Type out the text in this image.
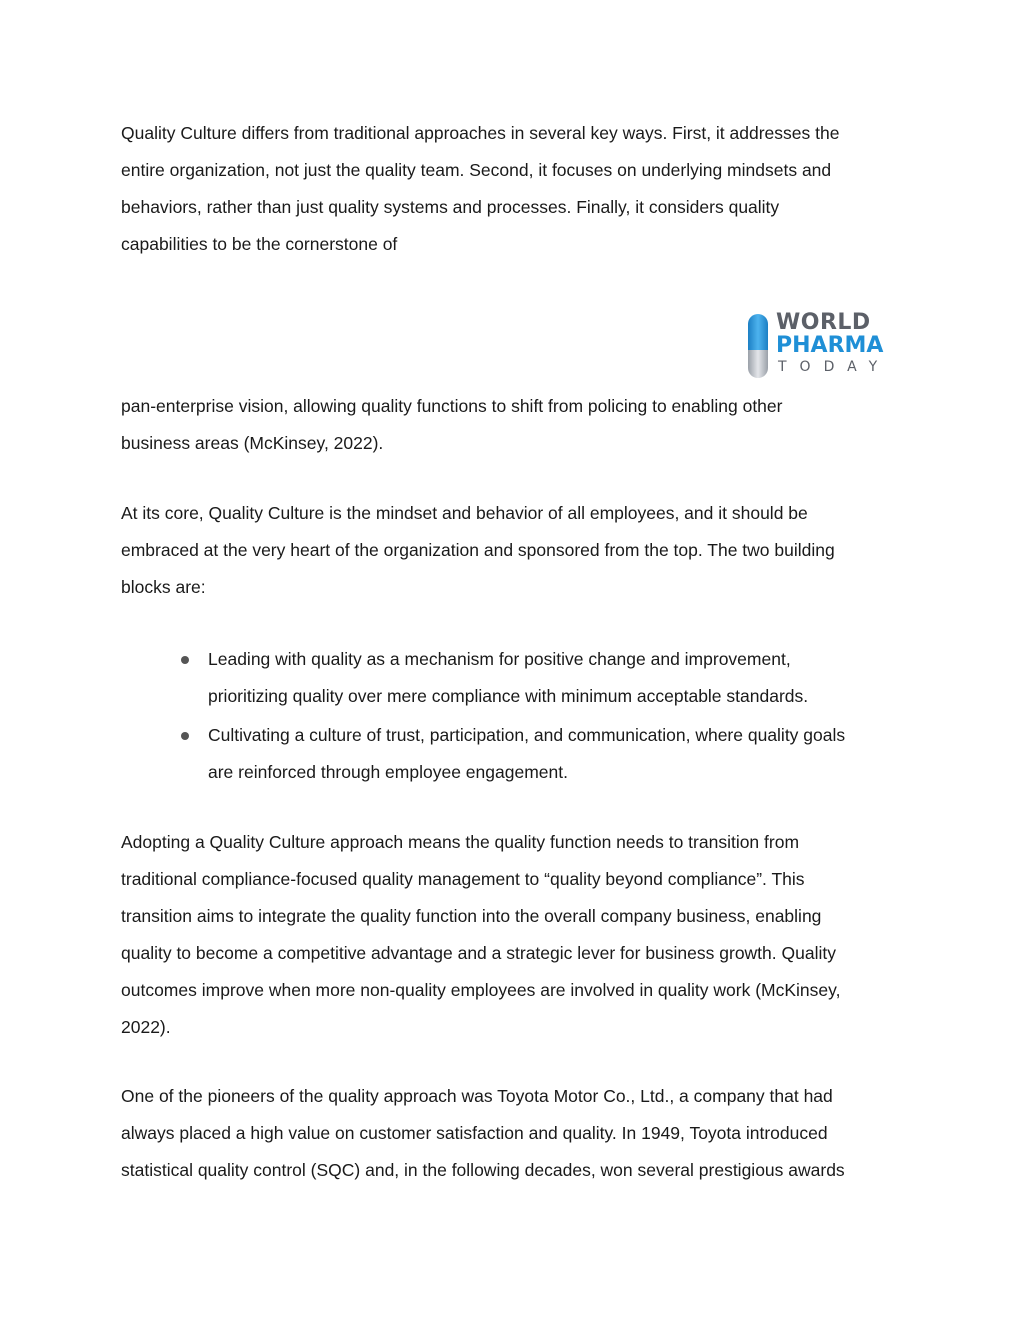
Quality Culture differs from traditional approaches in several key ways. First, it addresses the
entire organization, not just the quality team. Second, it focuses on underlying mindsets and
behaviors, rather than just quality systems and processes. Finally, it considers quality
capabilities to be the cornerstone of
WORLD
PHARMA
TODAY
pan-enterprise vision, allowing quality functions to shift from policing to enabling other
business areas (McKinsey, 2022).
At its core, Quality Culture is the mindset and behavior of all employees, and it should be
embraced at the very heart of the organization and sponsored from the top. The two building
blocks are:
Leading with quality as a mechanism for positive change and improvement,
prioritizing quality over mere compliance with minimum acceptable standards.
Cultivating a culture of trust, participation, and communication, where quality goals
are reinforced through employee engagement.
Adopting a Quality Culture approach means the quality function needs to transition from
traditional compliance-focused quality management to “quality beyond compliance”. This
transition aims to integrate the quality function into the overall company business, enabling
quality to become a competitive advantage and a strategic lever for business growth. Quality
outcomes improve when more non-quality employees are involved in quality work (McKinsey,
2022).
One of the pioneers of the quality approach was Toyota Motor Co., Ltd., a company that had
always placed a high value on customer satisfaction and quality. In 1949, Toyota introduced
statistical quality control (SQC) and, in the following decades, won several prestigious awards
